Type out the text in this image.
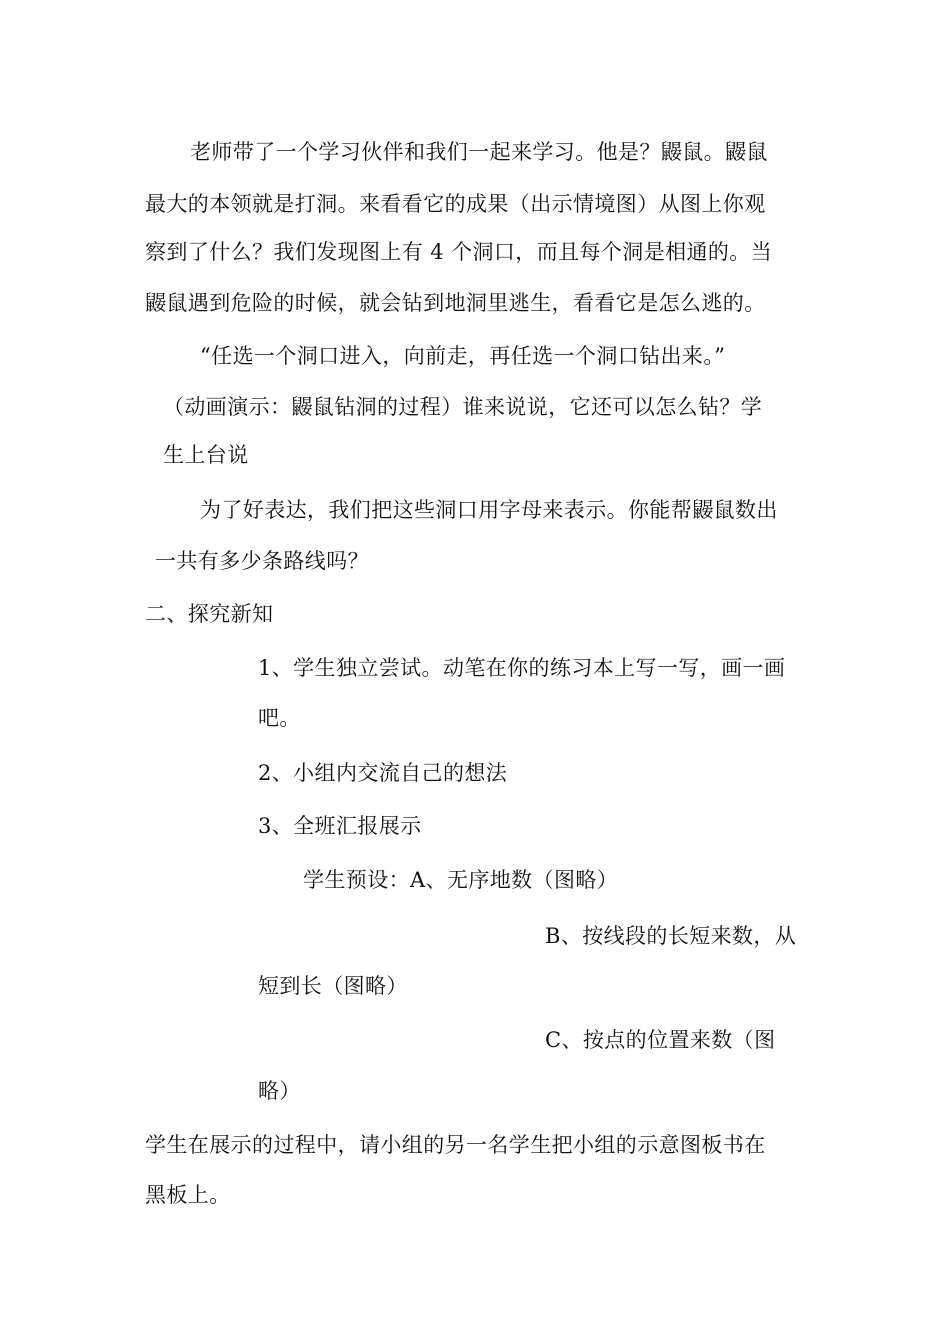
老师带了一个学习伙伴和我们一起来学习。他是？鼹鼠。鼹鼠

最大的本领就是打洞。来看看它的成果（出示情境图）从图上你观

察到了什么？我们发现图上有 4 个洞口，而且每个洞是相通的。当

鼹鼠遇到危险的时候，就会钻到地洞里逃生，看看它是怎么逃的。

“任选一个洞口进入，向前走，再任选一个洞口钻出来。”

（动画演示：鼹鼠钻洞的过程）谁来说说，它还可以怎么钻？学

生上台说

为了好表达，我们把这些洞口用字母来表示。你能帮鼹鼠数出

一共有多少条路线吗？

二、探究新知

1、学生独立尝试。动笔在你的练习本上写一写，画一画

吧。

2、小组内交流自己的想法

3、全班汇报展示

学生预设：A、无序地数（图略）

B、按线段的长短来数，从

短到长（图略）

C、按点的位置来数（图

略）

学生在展示的过程中，请小组的另一名学生把小组的示意图板书在

黑板上。
